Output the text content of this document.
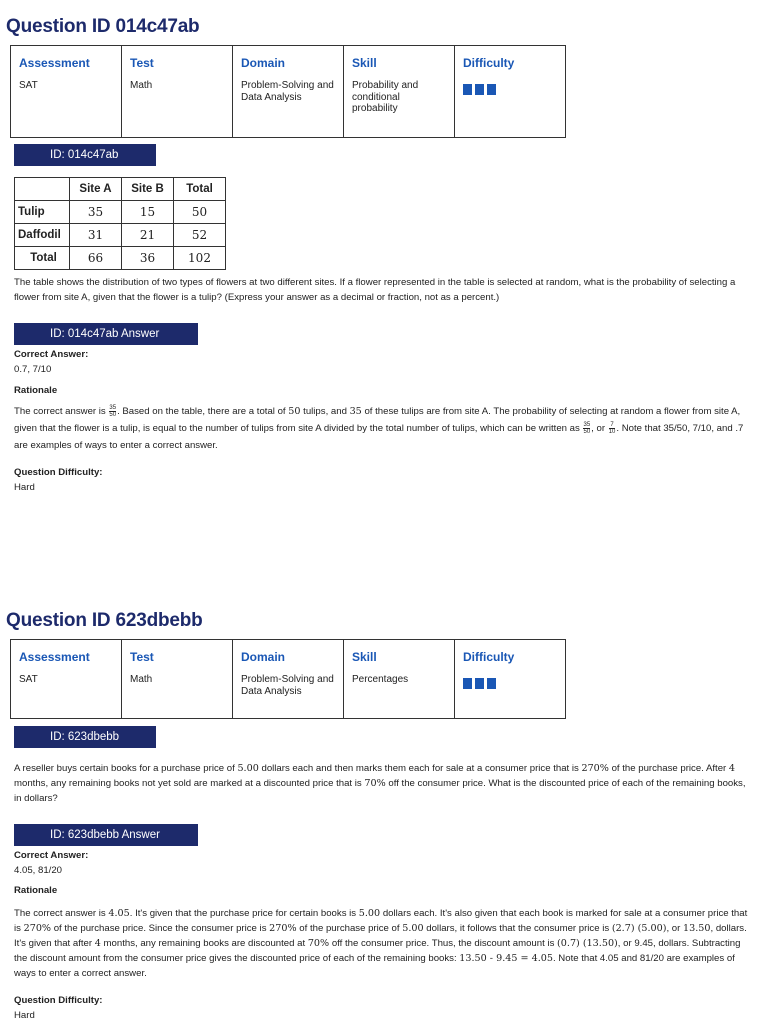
Question ID 014c47ab
Assessment
SAT

Test
Math

Domain
Problem-Solving and Data Analysis

Skill
Probability and conditional probability

Difficulty
ID: 014c47ab
	Site A	Site B	Total
Tulip	35	15	50
Daffodil	31	21	52
Total	66	36	102
The table shows the distribution of two types of flowers at two different sites. If a flower represented in the table is selected at random, what is the probability of selecting a flower from site A, given that the flower is a tulip? (Express your answer as a decimal or fraction, not as a percent.)
ID: 014c47ab Answer
Correct Answer:
0.7, 7/10
Rationale
The correct answer is $\frac{35}{50}$ . Based on the table, there are a total of 50 tulips, and 35 of these tulips are from site A. The probability of selecting at random a flower from site A, given that the flower is a tulip, is equal to the number of tulips from site A divided by the total number of tulips, which can be written as $\frac{35}{50}$ , or $\frac{7}{10}$ . Note that 35/50, 7/10, and .7 are examples of ways to enter a correct answer.
Question Difficulty:
Hard
Question ID 623dbebb
Assessment
SAT

Test
Math

Domain
Problem-Solving and Data Analysis

Skill
Percentages

Difficulty
ID: 623dbebb
A reseller buys certain books for a purchase price of 5.00 dollars each and then marks them each for sale at a consumer price that is 270% of the purchase price. After 4 months, any remaining books not yet sold are marked at a discounted price that is 70% off the consumer price. What is the discounted price of each of the remaining books, in dollars?
ID: 623dbebb Answer
Correct Answer:
4.05, 81/20
Rationale
The correct answer is 4.05. It's given that the purchase price for certain books is 5.00 dollars each. It's also given that each book is marked for sale at a consumer price that is 270% of the purchase price. Since the consumer price is 270% of the purchase price of 5.00 dollars, it follows that the consumer price is (2.7) (5.00), or 13.50, dollars. It's given that after 4 months, any remaining books are discounted at 70% off the consumer price. Thus, the discount amount is (0.7) (13.50), or 9.45, dollars. Subtracting the discount amount from the consumer price gives the discounted price of each of the remaining books: 13.50 - 9.45 = 4.05. Note that 4.05 and 81/20 are examples of ways to enter a correct answer.
Question Difficulty:
Hard
